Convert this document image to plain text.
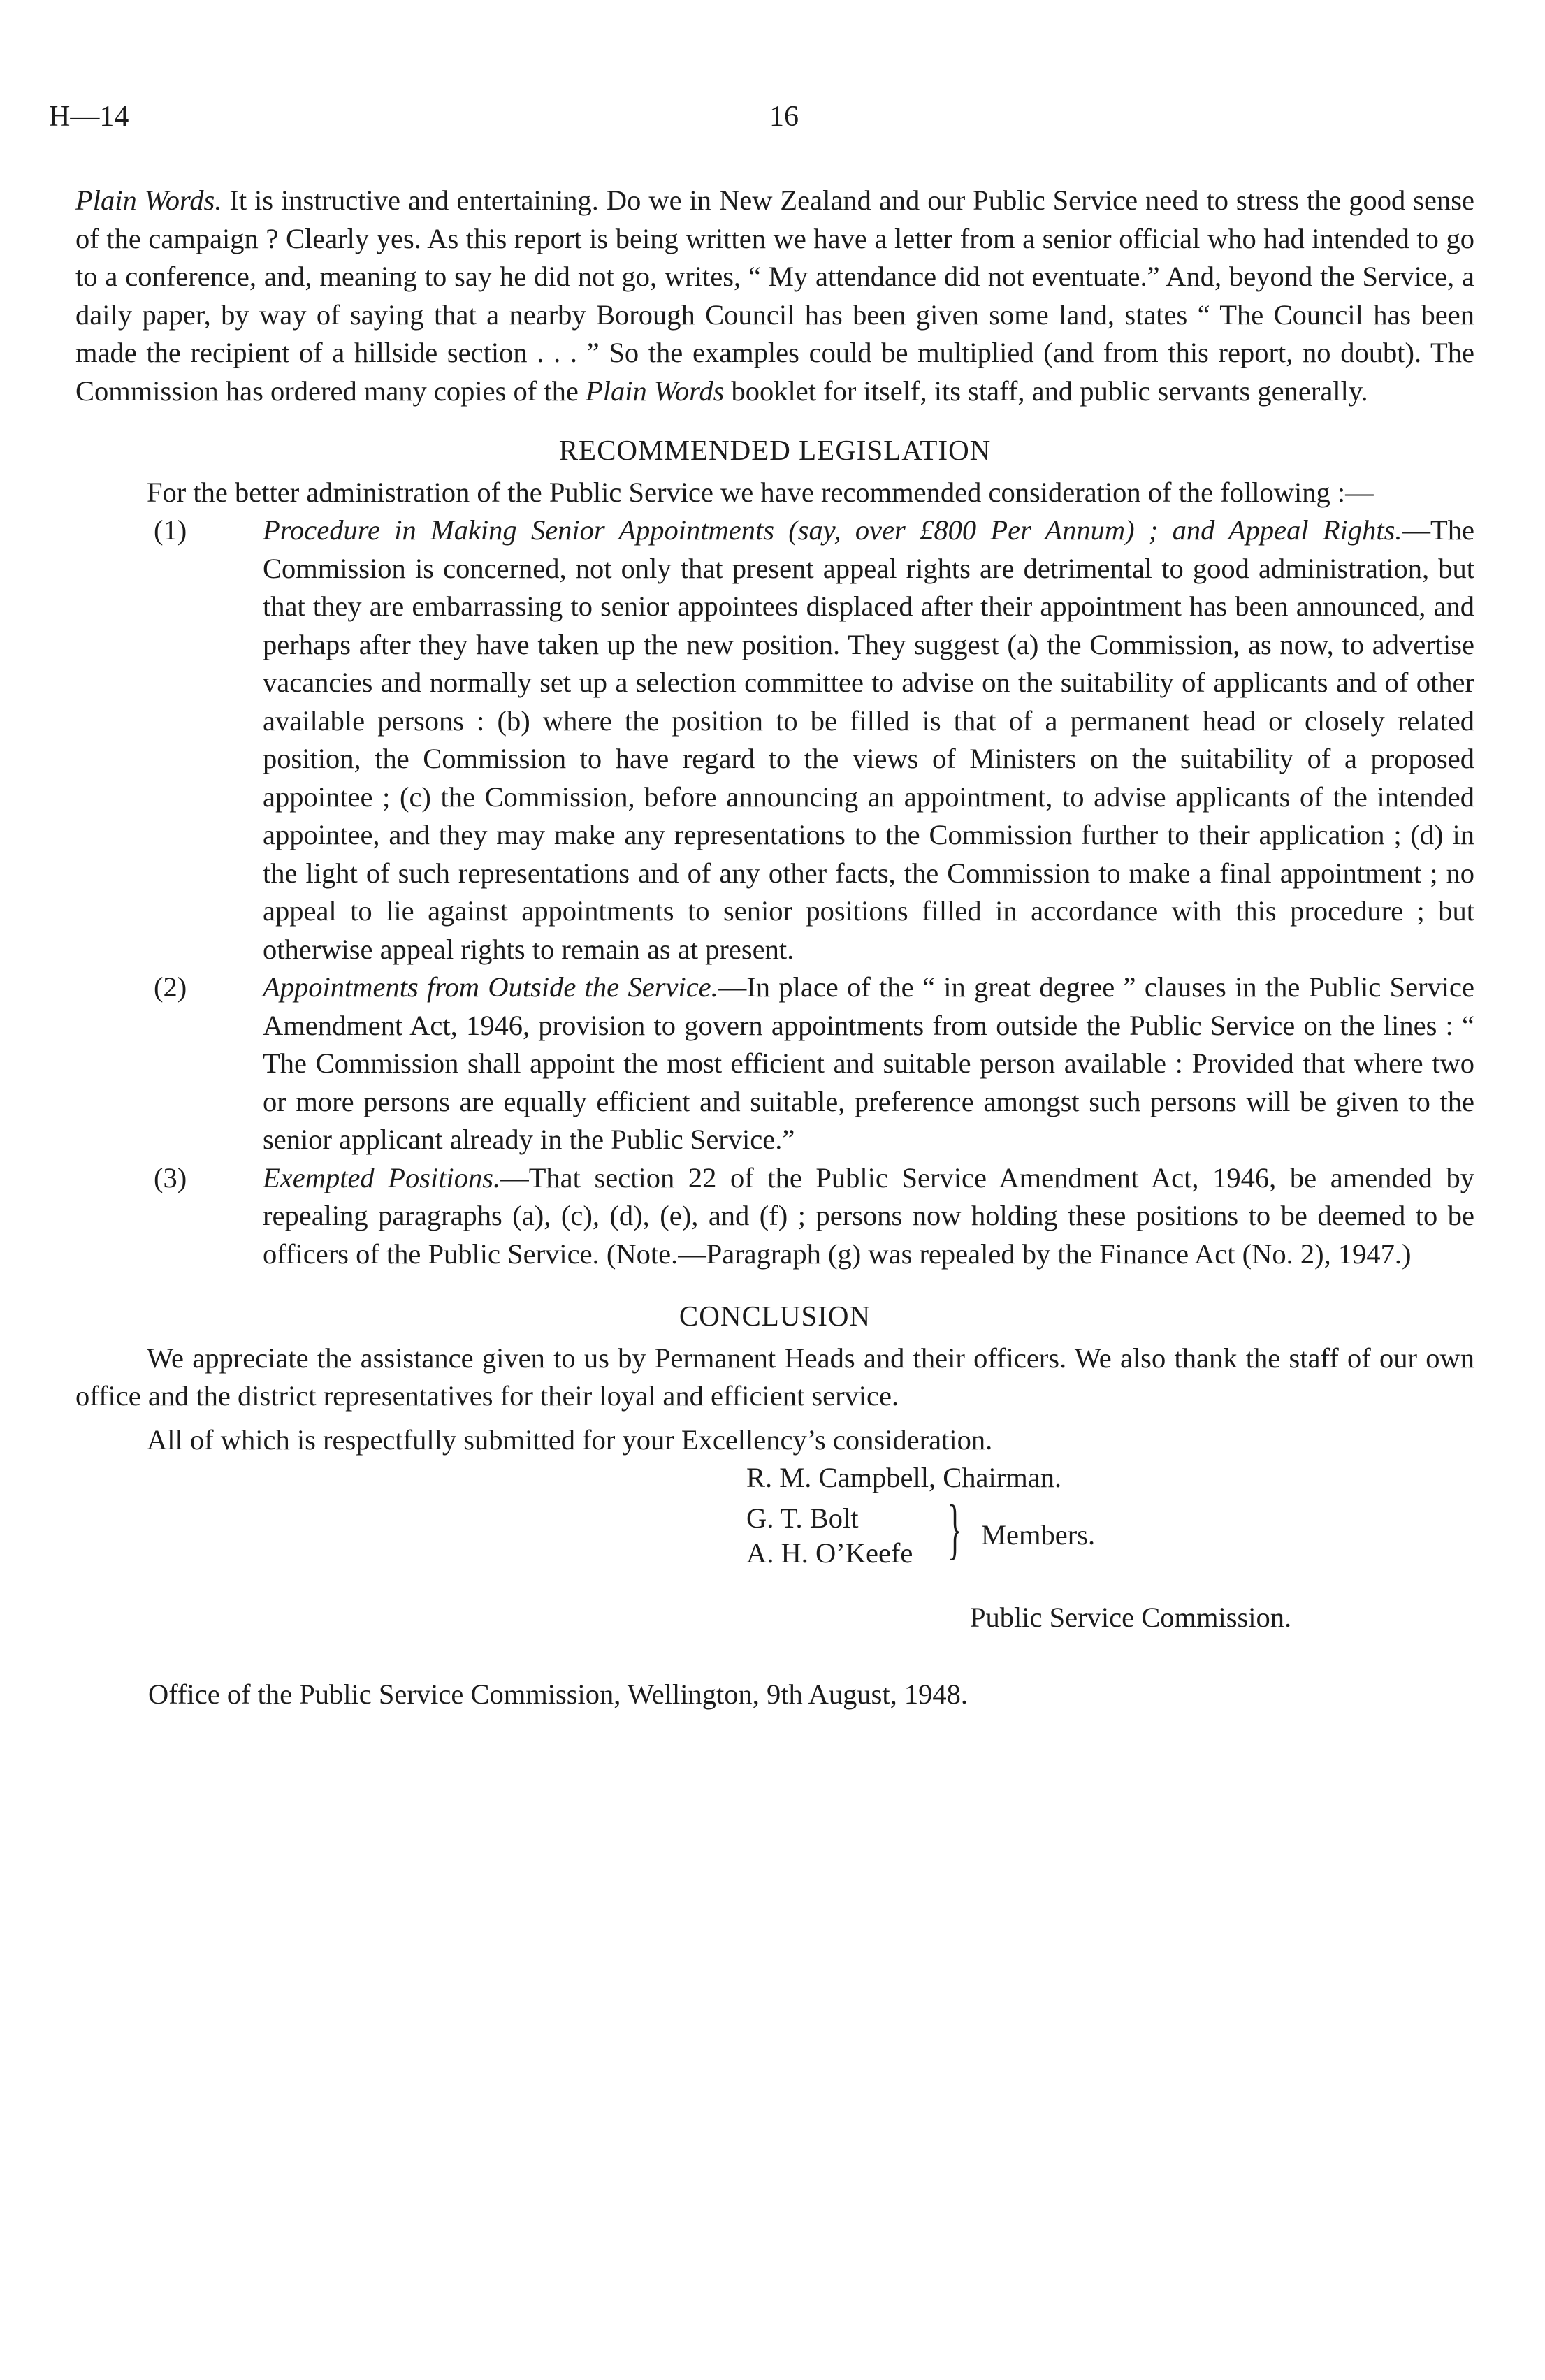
H—14	16

Plain Words. It is instructive and entertaining. Do we in New Zealand and our Public Service need to stress the good sense of the campaign ? Clearly yes. As this report is being written we have a letter from a senior official who had intended to go to a conference, and, meaning to say he did not go, writes, “ My attendance did not eventuate.” And, beyond the Service, a daily paper, by way of saying that a nearby Borough Council has been given some land, states “ The Council has been made the recipient of a hillside section . . . ” So the examples could be multiplied (and from this report, no doubt). The Commission has ordered many copies of the Plain Words booklet for itself, its staff, and public servants generally.

RECOMMENDED LEGISLATION

For the better administration of the Public Service we have recommended consideration of the following :—

(1)	Procedure in Making Senior Appointments (say, over £800 Per Annum) ; and Appeal Rights.—The Commission is concerned, not only that present appeal rights are detrimental to good administration, but that they are embarrassing to senior appointees displaced after their appointment has been announced, and perhaps after they have taken up the new position. They suggest (a) the Commission, as now, to advertise vacancies and normally set up a selection committee to advise on the suitability of applicants and of other available persons : (b) where the position to be filled is that of a permanent head or closely related position, the Commission to have regard to the views of Ministers on the suitability of a proposed appointee ; (c) the Commission, before announcing an appointment, to advise applicants of the intended appointee, and they may make any representations to the Commission further to their application ; (d) in the light of such representations and of any other facts, the Commission to make a final appointment ; no appeal to lie against appointments to senior positions filled in accordance with this procedure ; but otherwise appeal rights to remain as at present.

(2)	Appointments from Outside the Service.—In place of the “ in great degree ” clauses in the Public Service Amendment Act, 1946, provision to govern appointments from outside the Public Service on the lines : “ The Commission shall appoint the most efficient and suitable person available : Provided that where two or more persons are equally efficient and suitable, preference amongst such persons will be given to the senior applicant already in the Public Service.”

(3)	Exempted Positions.—That section 22 of the Public Service Amendment Act, 1946, be amended by repealing paragraphs (a), (c), (d), (e), and (f) ; persons now holding these positions to be deemed to be officers of the Public Service. (Note.—Paragraph (g) was repealed by the Finance Act (No. 2), 1947.)

CONCLUSION

We appreciate the assistance given to us by Permanent Heads and their officers. We also thank the staff of our own office and the district representatives for their loyal and efficient service.

All of which is respectfully submitted for your Excellency’s consideration.

R. M. Campbell, Chairman.
G. T. Bolt
A. H. O’Keefe } Members.
Public Service Commission.

Office of the Public Service Commission, Wellington, 9th August, 1948.
